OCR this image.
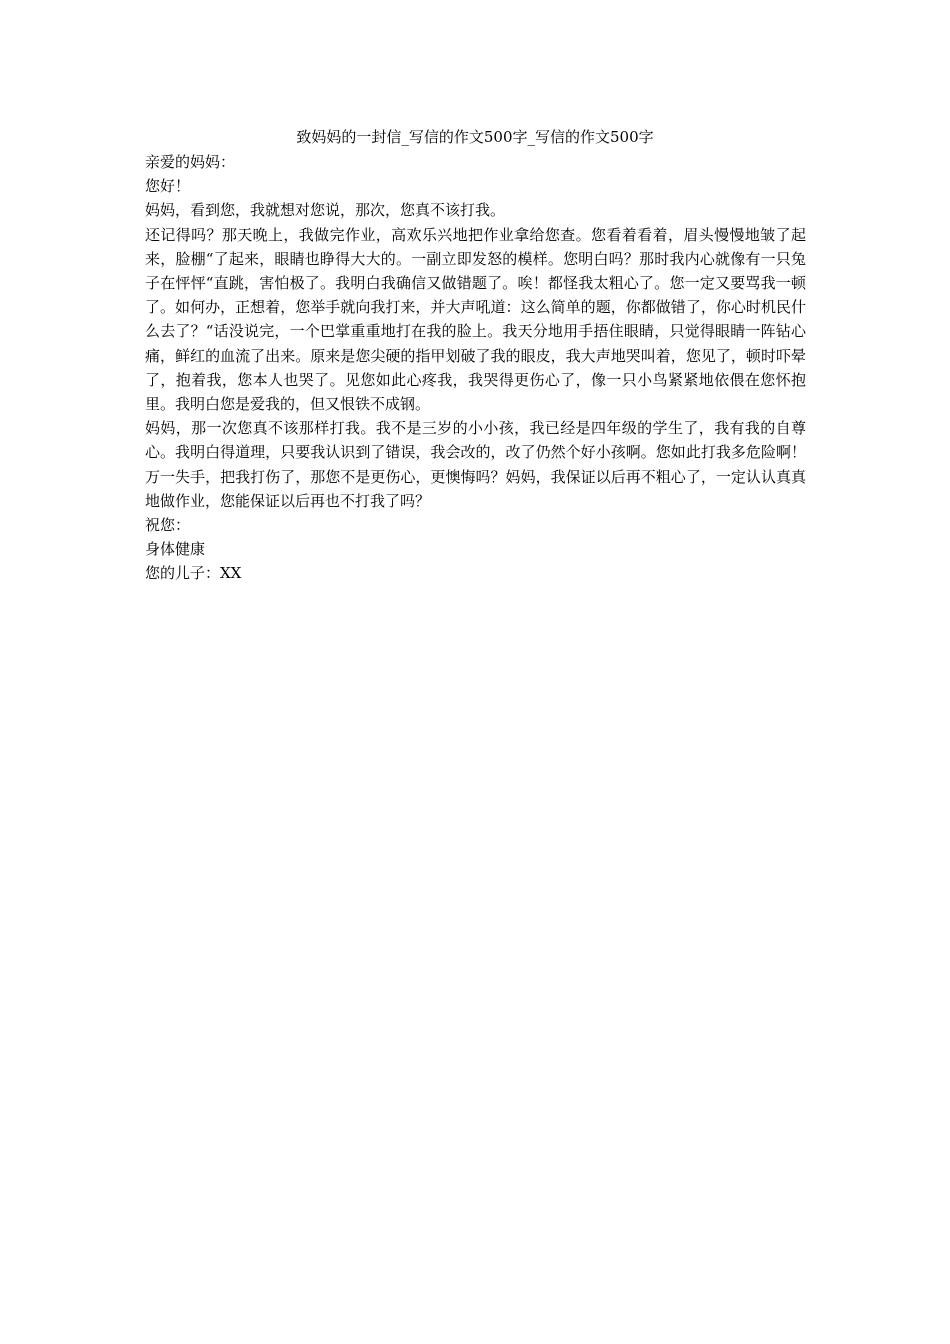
致妈妈的一封信_写信的作文500字_写信的作文500字

亲爱的妈妈：

您好！

妈妈，看到您，我就想对您说，那次，您真不该打我。

还记得吗？那天晚上，我做完作业，高欢乐兴地把作业拿给您查。您看着看着，眉头慢慢地皱了起来，脸棚“了起来，眼睛也睁得大大的。一副立即发怒的模样。您明白吗？那时我内心就像有一只兔子在怦怦“直跳，害怕极了。我明白我确信又做错题了。唉！都怪我太粗心了。您一定又要骂我一顿了。如何办，正想着，您举手就向我打来，并大声吼道：这么简单的题，你都做错了，你心时机民什么去了？“话没说完，一个巴掌重重地打在我的脸上。我天分地用手捂住眼睛，只觉得眼睛一阵钻心痛，鲜红的血流了出来。原来是您尖硬的指甲划破了我的眼皮，我大声地哭叫着，您见了，顿时吓晕了，抱着我，您本人也哭了。见您如此心疼我，我哭得更伤心了，像一只小鸟紧紧地依偎在您怀抱里。我明白您是爱我的，但又恨铁不成钢。

妈妈，那一次您真不该那样打我。我不是三岁的小小孩，我已经是四年级的学生了，我有我的自尊心。我明白得道理，只要我认识到了错误，我会改的，改了仍然个好小孩啊。您如此打我多危险啊！万一失手，把我打伤了，那您不是更伤心，更懊悔吗？妈妈，我保证以后再不粗心了，一定认认真真地做作业，您能保证以后再也不打我了吗？

祝您：

身体健康

您的儿子：XX
